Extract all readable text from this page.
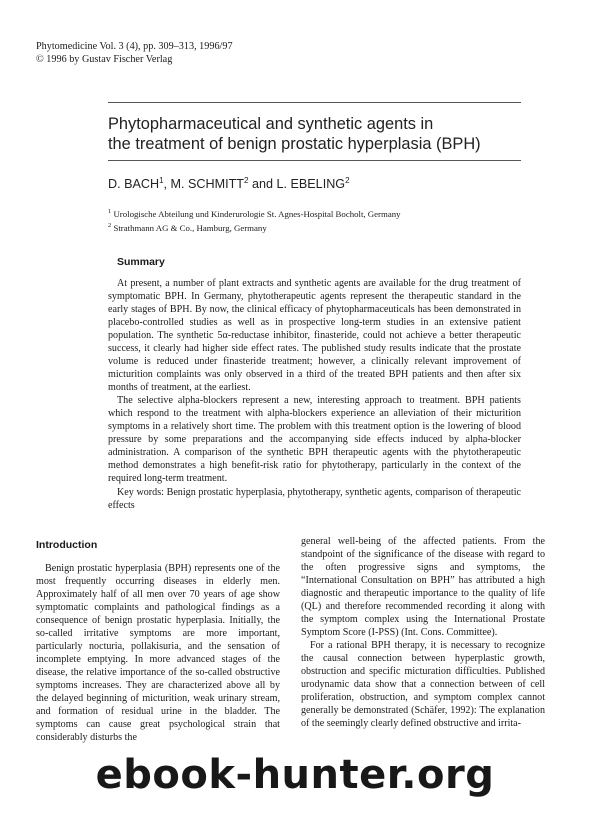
Phytomedicine Vol. 3 (4), pp. 309–313, 1996/97
© 1996 by Gustav Fischer Verlag
Phytopharmaceutical and synthetic agents in
the treatment of benign prostatic hyperplasia (BPH)
D. BACH$^1$, M. SCHMITT$^2$ and L. EBELING$^2$
$^1$ Urologische Abteilung und Kinderurologie St. Agnes-Hospital Bocholt, Germany
$^2$ Strathmann AG & Co., Hamburg, Germany
Summary

At present, a number of plant extracts and synthetic agents are available for the drug treatment of symptomatic BPH. In Germany, phytotherapeutic agents represent the therapeutic standard in the early stages of BPH. By now, the clinical efficacy of phytopharmaceuticals has been demonstrated in placebo-controlled studies as well as in prospective long-term studies in an extensive patient population. The synthetic 5α-reductase inhibitor, finasteride, could not achieve a better therapeutic success, it clearly had higher side effect rates. The published study results indicate that the prostate volume is reduced under finasteride treatment; however, a clinically relevant improvement of micturition complaints was only observed in a third of the treated BPH patients and then after six months of treatment, at the earliest.

The selective alpha-blockers represent a new, interesting approach to treatment. BPH patients which respond to the treatment with alpha-blockers experience an alleviation of their micturition symptoms in a relatively short time. The problem with this treatment option is the lowering of blood pressure by some preparations and the accompanying side effects induced by alpha-blocker administration. A comparison of the synthetic BPH therapeutic agents with the phytotherapeutic method demonstrates a high benefit-risk ratio for phytotherapy, particularly in the context of the required long-term treatment.

Key words: Benign prostatic hyperplasia, phytotherapy, synthetic agents, comparison of therapeutic effects

Introduction

Benign prostatic hyperplasia (BPH) represents one of the most frequently occurring diseases in elderly men. Approximately half of all men over 70 years of age show symptomatic complaints and pathological findings as a consequence of benign prostatic hyperplasia. Initially, the so-called irritative symptoms are more important, particularly nocturia, pollakisuria, and the sensation of incomplete emptying. In more advanced stages of the disease, the relative importance of the so-called obstructive symptoms increases. They are characterized above all by the delayed beginning of micturition, weak urinary stream, and formation of residual urine in the bladder. The symptoms can cause great psychological strain that considerably disturbs the

general well-being of the affected patients. From the standpoint of the significance of the disease with regard to the often progressive signs and symptoms, the “International Consultation on BPH” has attributed a high diagnostic and therapeutic importance to the quality of life (QL) and therefore recommended recording it along with the symptom complex using the International Prostate Symptom Score (I-PSS) (Int. Cons. Committee).

For a rational BPH therapy, it is necessary to recognize the causal connection between hyperplastic growth, obstruction and specific micturation difficulties. Published urodynamic data show that a connection between of cell proliferation, obstruction, and symptom complex cannot generally be demonstrated (Schäfer, 1992): The explanation of the seemingly clearly defined obstructive and irrita-

ebook-hunter.org
